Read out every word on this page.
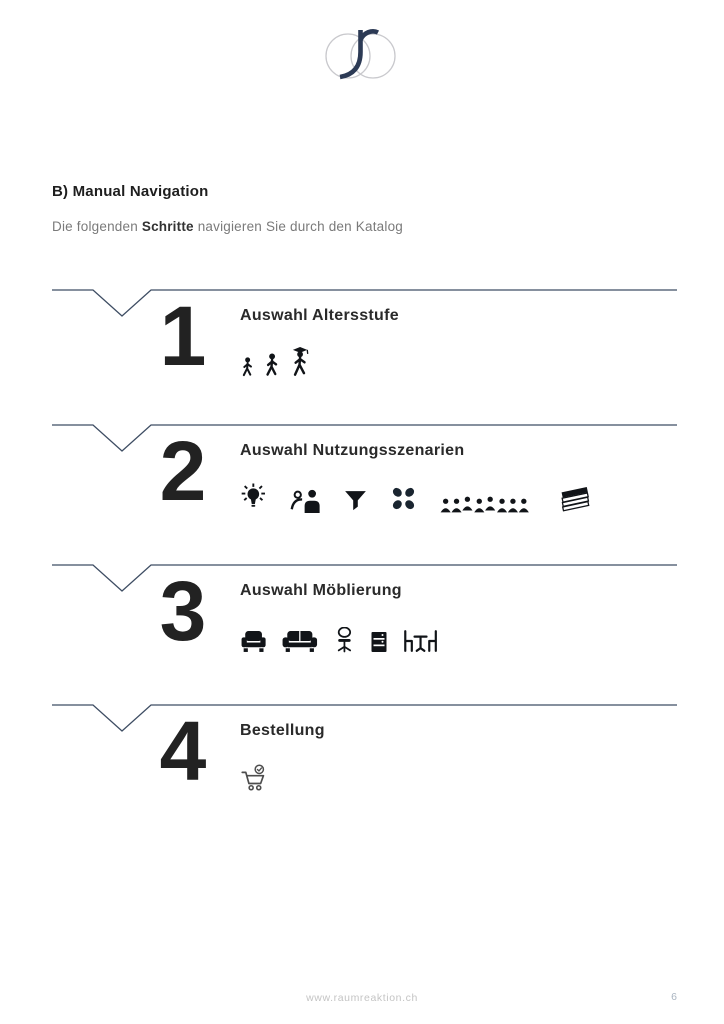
B) Manual Navigation
Die folgenden Schritte navigieren Sie durch den Katalog
1	Auswahl Altersstufe
2	Auswahl Nutzungsszenarien
3	Auswahl Möblierung
4	Bestellung
www.raumreaktion.ch	6
